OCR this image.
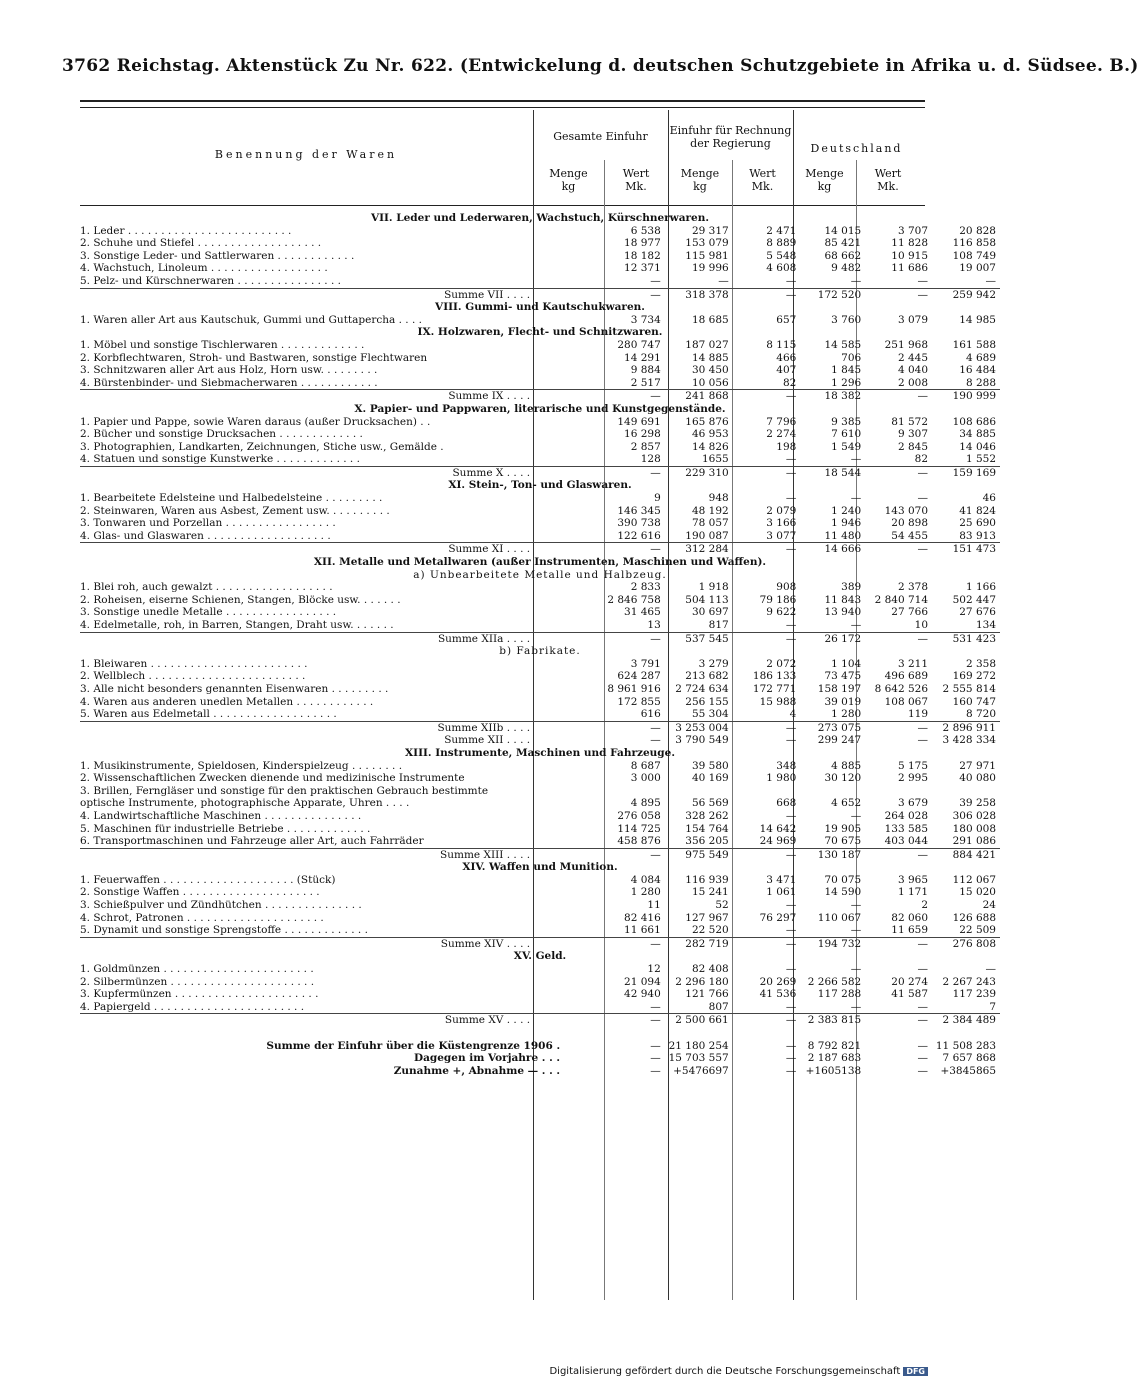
3762 Reichstag. Aktenstück Zu Nr. 622. (Entwickelung d. deutschen Schutzgebiete in Afrika u. d. Südsee. B.)
Benennung der Waren
Gesamte Einfuhr	Einfuhr für Rechnung der Regierung	Deutschland
Menge
kg
Wert
Mk.
Menge
kg
Wert
Mk.
Menge
kg
Wert
Mk.
VII. Leder und Lederwaren, Wachstuch, Kürschnerwaren.						
1. Leder . . . . . . . . . . . . . . . . . . . . . . . . .	6 538	29 317	2 471	14 015	3 707	20 828
2. Schuhe und Stiefel . . . . . . . . . . . . . . . . . . .	18 977	153 079	8 889	85 421	11 828	116 858
3. Sonstige Leder- und Sattlerwaren . . . . . . . . . . . .	18 182	115 981	5 548	68 662	10 915	108 749
4. Wachstuch, Linoleum . . . . . . . . . . . . . . . . . .	12 371	19 996	4 608	9 482	11 686	19 007
5. Pelz- und Kürschnerwaren . . . . . . . . . . . . . . . .	—	—	—	—	—	—
Summe VII . . . .	—	318 378	—	172 520	—	259 942
VIII. Gummi- und Kautschukwaren.						
1. Waren aller Art aus Kautschuk, Gummi und Guttapercha . . . .	3 734	18 685	657	3 760	3 079	14 985
IX. Holzwaren, Flecht- und Schnitzwaren.						
1. Möbel und sonstige Tischlerwaren . . . . . . . . . . . . .	280 747	187 027	8 115	14 585	251 968	161 588
2. Korbflechtwaren, Stroh- und Bastwaren, sonstige Flechtwaren	14 291	14 885	466	706	2 445	4 689
3. Schnitzwaren aller Art aus Holz, Horn usw. . . . . . . . .	9 884	30 450	407	1 845	4 040	16 484
4. Bürstenbinder- und Siebmacherwaren . . . . . . . . . . . .	2 517	10 056	82	1 296	2 008	8 288
Summe IX . . . .	—	241 868	—	18 382	—	190 999
X. Papier- und Pappwaren, literarische und Kunstgegenstände.						
1. Papier und Pappe, sowie Waren daraus (außer Drucksachen) . .	149 691	165 876	7 796	9 385	81 572	108 686
2. Bücher und sonstige Drucksachen . . . . . . . . . . . . .	16 298	46 953	2 274	7 610	9 307	34 885
3. Photographien, Landkarten, Zeichnungen, Stiche usw., Gemälde .	2 857	14 826	198	1 549	2 845	14 046
4. Statuen und sonstige Kunstwerke . . . . . . . . . . . . .	128	1655	—	—	82	1 552
Summe X . . . .	—	229 310	—	18 544	—	159 169
XI. Stein-, Ton- und Glaswaren.						
1. Bearbeitete Edelsteine und Halbedelsteine . . . . . . . . .	9	948	—	—	—	46
2. Steinwaren, Waren aus Asbest, Zement usw. . . . . . . . . .	146 345	48 192	2 079	1 240	143 070	41 824
3. Tonwaren und Porzellan . . . . . . . . . . . . . . . . .	390 738	78 057	3 166	1 946	20 898	25 690
4. Glas- und Glaswaren . . . . . . . . . . . . . . . . . . .	122 616	190 087	3 077	11 480	54 455	83 913
Summe XI . . . .	—	312 284	—	14 666	—	151 473
XII. Metalle und Metallwaren (außer Instrumenten, Maschinen und Waffen).						
a) Unbearbeitete Metalle und Halbzeug.						
1. Blei roh, auch gewalzt . . . . . . . . . . . . . . . . . .	2 833	1 918	908	389	2 378	1 166
2. Roheisen, eiserne Schienen, Stangen, Blöcke usw. . . . . . .	2 846 758	504 113	79 186	11 843	2 840 714	502 447
3. Sonstige unedle Metalle . . . . . . . . . . . . . . . . .	31 465	30 697	9 622	13 940	27 766	27 676
4. Edelmetalle, roh, in Barren, Stangen, Draht usw. . . . . . .	13	817	—	—	10	134
Summe XIIa . . . .	—	537 545	—	26 172	—	531 423
b) Fabrikate.						
1. Bleiwaren . . . . . . . . . . . . . . . . . . . . . . . .	3 791	3 279	2 072	1 104	3 211	2 358
2. Wellblech . . . . . . . . . . . . . . . . . . . . . . . .	624 287	213 682	186 133	73 475	496 689	169 272
3. Alle nicht besonders genannten Eisenwaren . . . . . . . . .	8 961 916	2 724 634	172 771	158 197	8 642 526	2 555 814
4. Waren aus anderen unedlen Metallen . . . . . . . . . . . .	172 855	256 155	15 988	39 019	108 067	160 747
5. Waren aus Edelmetall . . . . . . . . . . . . . . . . . . .	616	55 304	4	1 280	119	8 720
Summe XIIb . . . .	—	3 253 004	—	273 075	—	2 896 911
Summe XII . . . .	—	3 790 549	—	299 247	—	3 428 334
XIII. Instrumente, Maschinen und Fahrzeuge.						
1. Musikinstrumente, Spieldosen, Kinderspielzeug . . . . . . . .	8 687	39 580	348	4 885	5 175	27 971
2. Wissenschaftlichen Zwecken dienende und medizinische Instrumente	3 000	40 169	1 980	30 120	2 995	40 080
3. Brillen, Ferngläser und sonstige für den praktischen Gebrauch bestimmte						
optische Instrumente, photographische Apparate, Uhren . . . .	4 895	56 569	668	4 652	3 679	39 258
4. Landwirtschaftliche Maschinen . . . . . . . . . . . . . . .	276 058	328 262	—	—	264 028	306 028
5. Maschinen für industrielle Betriebe . . . . . . . . . . . . .	114 725	154 764	14 642	19 905	133 585	180 008
6. Transportmaschinen und Fahrzeuge aller Art, auch Fahrräder	458 876	356 205	24 969	70 675	403 044	291 086
Summe XIII . . . .	—	975 549	—	130 187	—	884 421
XIV. Waffen und Munition.						
1. Feuerwaffen . . . . . . . . . . . . . . . . . . . . (Stück)	4 084	116 939	3 471	70 075	3 965	112 067
2. Sonstige Waffen . . . . . . . . . . . . . . . . . . . . .	1 280	15 241	1 061	14 590	1 171	15 020
3. Schießpulver und Zündhütchen . . . . . . . . . . . . . . .	11	52	—	—	2	24
4. Schrot, Patronen . . . . . . . . . . . . . . . . . . . . .	82 416	127 967	76 297	110 067	82 060	126 688
5. Dynamit und sonstige Sprengstoffe . . . . . . . . . . . . .	11 661	22 520	—	—	11 659	22 509
Summe XIV . . . .	—	282 719	—	194 732	—	276 808
XV. Geld.						
1. Goldmünzen . . . . . . . . . . . . . . . . . . . . . . .	12	82 408	—	—	—	—
2. Silbermünzen . . . . . . . . . . . . . . . . . . . . . .	21 094	2 296 180	20 269	2 266 582	20 274	2 267 243
3. Kupfermünzen . . . . . . . . . . . . . . . . . . . . . .	42 940	121 766	41 536	117 288	41 587	117 239
4. Papiergeld . . . . . . . . . . . . . . . . . . . . . . .	—	807	—	—	—	7
Summe XV . . . .	—	2 500 661	—	2 383 815	—	2 384 489

Summe der Einfuhr über die Küstengrenze 1906 .	—	21 180 254	—	8 792 821	—	11 508 283
Dagegen im Vorjahre . . .	—	15 703 557	—	2 187 683	—	7 657 868
Zunahme +, Abnahme — . . .	—	+5476697	—	+1605138	—	+3845865
Digitalisierung gefördert durch die Deutsche Forschungsgemeinschaft DFG
